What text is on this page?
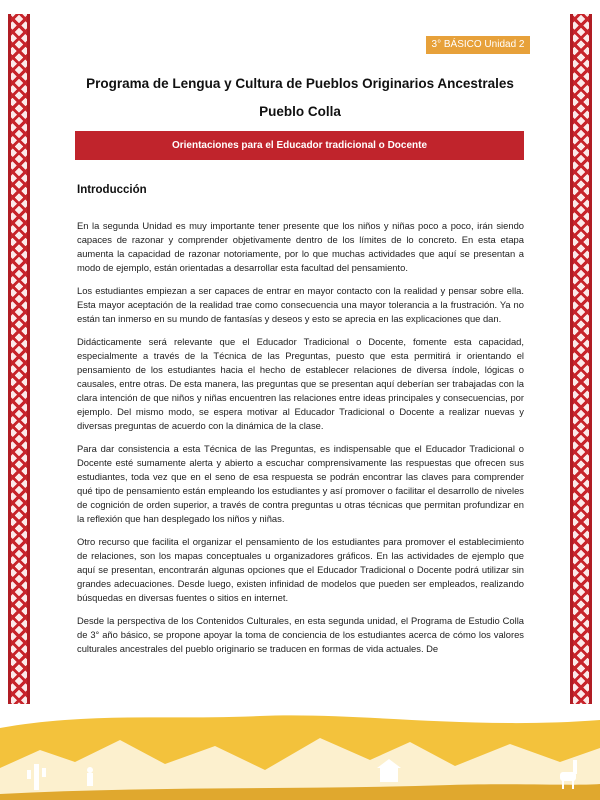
3° BÁSICO Unidad 2
Programa de Lengua y Cultura de Pueblos Originarios Ancestrales
Pueblo Colla
Orientaciones para el Educador tradicional o Docente
Introducción

En la segunda Unidad es muy importante tener presente que los niños y niñas poco a poco, irán siendo capaces de razonar y comprender objetivamente dentro de los límites de lo concreto. En esta etapa aumenta la capacidad de razonar notoriamente, por lo que muchas actividades que aquí se presentan a modo de ejemplo, están orientadas a desarrollar esta facultad del pensamiento.

Los estudiantes empiezan a ser capaces de entrar en mayor contacto con la realidad y pensar sobre ella. Esta mayor aceptación de la realidad trae como consecuencia una mayor tolerancia a la frustración. Ya no están tan inmerso en su mundo de fantasías y deseos y esto se aprecia en las explicaciones que dan.

Didácticamente será relevante que el Educador Tradicional o Docente, fomente esta capacidad, especialmente a través de la Técnica de las Preguntas, puesto que esta permitirá ir orientando el pensamiento de los estudiantes hacia el hecho de establecer relaciones de diversa índole, lógicas o causales, entre otras. De esta manera, las preguntas que se presentan aquí deberían ser trabajadas con la clara intención de que niños y niñas encuentren las relaciones entre ideas principales y consecuencias, por ejemplo. Del mismo modo, se espera motivar al Educador Tradicional o Docente a realizar nuevas y diversas preguntas de acuerdo con la dinámica de la clase.

Para dar consistencia a esta Técnica de las Preguntas, es indispensable que el Educador Tradicional o Docente esté sumamente alerta y abierto a escuchar comprensivamente las respuestas que ofrecen sus estudiantes, toda vez que en el seno de esa respuesta se podrán encontrar las claves para comprender qué tipo de pensamiento están empleando los estudiantes y así promover o facilitar el desarrollo de niveles de cognición de orden superior, a través de contra preguntas u otras técnicas que permitan profundizar en la reflexión que han desplegado los niños y niñas.

Otro recurso que facilita el organizar el pensamiento de los estudiantes para promover el establecimiento de relaciones, son los mapas conceptuales u organizadores gráficos. En las actividades de ejemplo que aquí se presentan, encontrarán algunas opciones que el Educador Tradicional o Docente podrá utilizar sin grandes adecuaciones. Desde luego, existen infinidad de modelos que pueden ser empleados, realizando búsquedas en diversas fuentes o sitios en internet.

Desde la perspectiva de los Contenidos Culturales, en esta segunda unidad, el Programa de Estudio Colla de 3° año básico, se propone apoyar la toma de conciencia de los estudiantes acerca de cómo los valores culturales ancestrales del pueblo originario se traducen en formas de vida actuales. De
